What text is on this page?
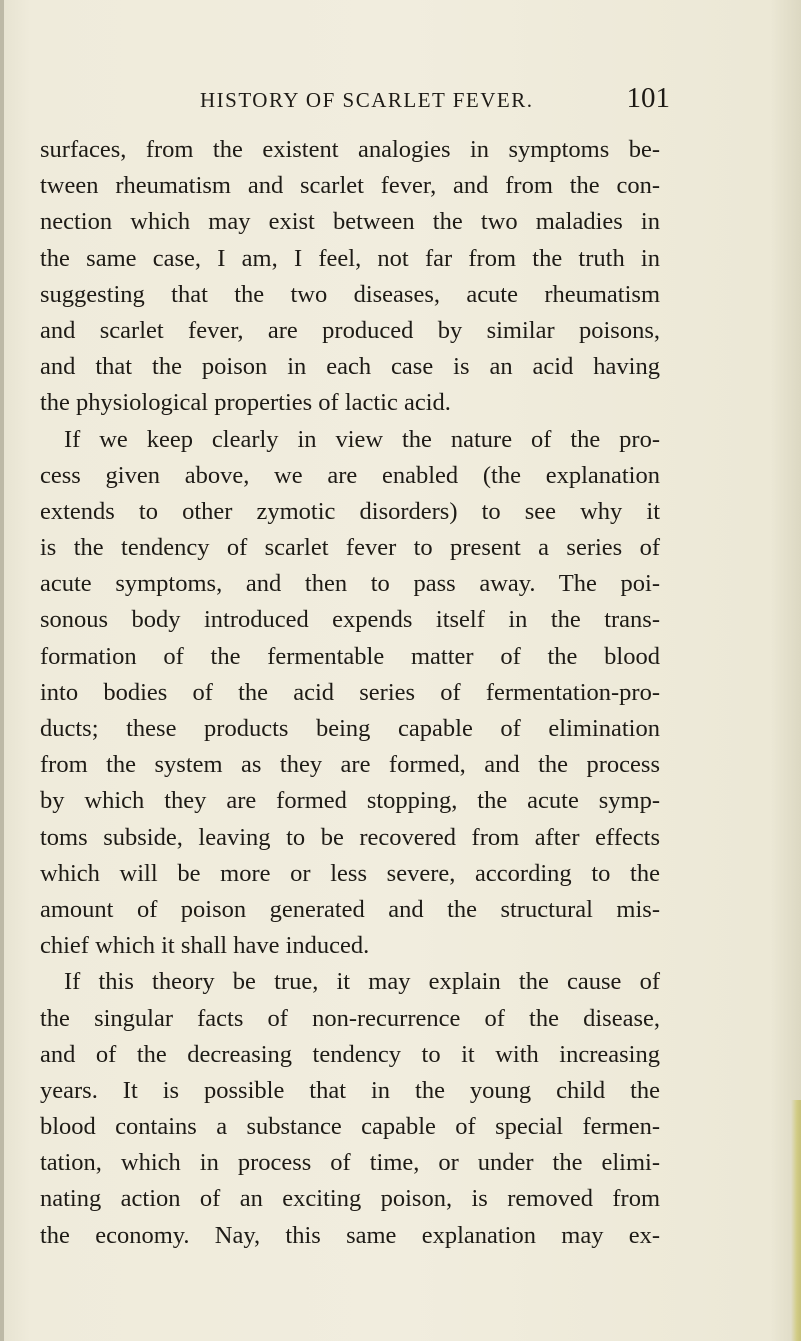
HISTORY OF SCARLET FEVER.	101
surfaces, from the existent analogies in symptoms be-
tween rheumatism and scarlet fever, and from the con-
nection which may exist between the two maladies in
the same case, I am, I feel, not far from the truth in
suggesting that the two diseases, acute rheumatism
and scarlet fever, are produced by similar poisons,
and that the poison in each case is an acid having
the physiological properties of lactic acid.
If we keep clearly in view the nature of the pro-
cess given above, we are enabled (the explanation
extends to other zymotic disorders) to see why it
is the tendency of scarlet fever to present a series of
acute symptoms, and then to pass away. The poi-
sonous body introduced expends itself in the trans-
formation of the fermentable matter of the blood
into bodies of the acid series of fermentation-pro-
ducts; these products being capable of elimination
from the system as they are formed, and the process
by which they are formed stopping, the acute symp-
toms subside, leaving to be recovered from after effects
which will be more or less severe, according to the
amount of poison generated and the structural mis-
chief which it shall have induced.
If this theory be true, it may explain the cause of
the singular facts of non-recurrence of the disease,
and of the decreasing tendency to it with increasing
years. It is possible that in the young child the
blood contains a substance capable of special fermen-
tation, which in process of time, or under the elimi-
nating action of an exciting poison, is removed from
the economy. Nay, this same explanation may ex-
